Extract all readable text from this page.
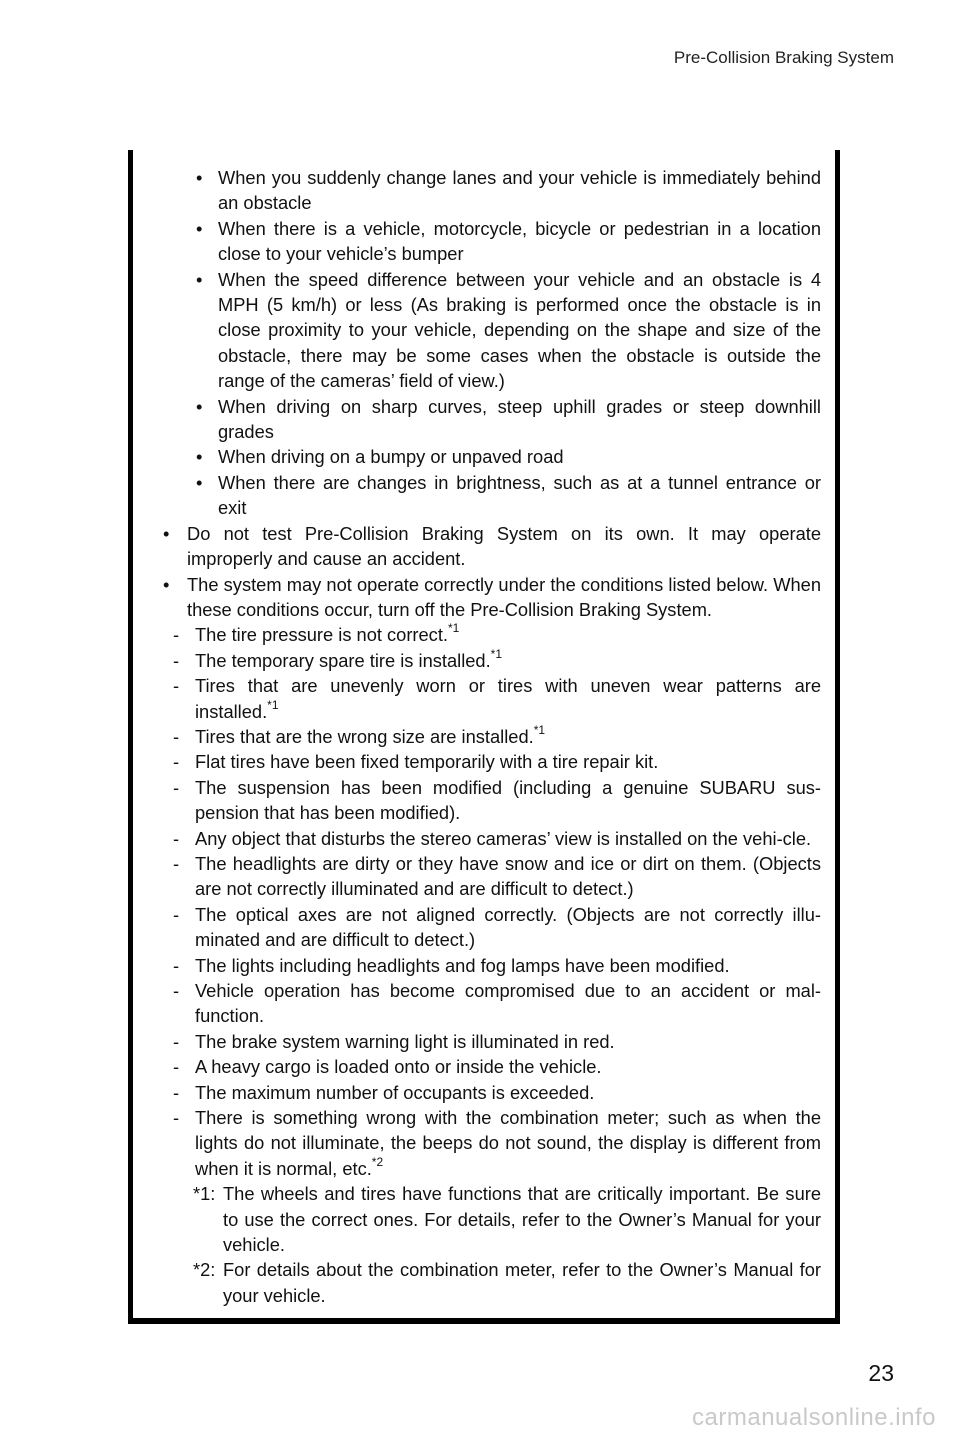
Pre-Collision Braking System
• When you suddenly change lanes and your vehicle is immediately behind an obstacle
• When there is a vehicle, motorcycle, bicycle or pedestrian in a location close to your vehicle’s bumper
• When the speed difference between your vehicle and an obstacle is 4 MPH (5 km/h) or less (As braking is performed once the obstacle is in close proximity to your vehicle, depending on the shape and size of the obstacle, there may be some cases when the obstacle is outside the range of the cameras’ field of view.)
• When driving on sharp curves, steep uphill grades or steep downhill grades
• When driving on a bumpy or unpaved road
• When there are changes in brightness, such as at a tunnel entrance or exit
• Do not test Pre-Collision Braking System on its own. It may operate improperly and cause an accident.
• The system may not operate correctly under the conditions listed below. When these conditions occur, turn off the Pre-Collision Braking System.
- The tire pressure is not correct.$^{*1}$
- The temporary spare tire is installed.$^{*1}$
- Tires that are unevenly worn or tires with uneven wear patterns are installed.$^{*1}$
- Tires that are the wrong size are installed.$^{*1}$
- Flat tires have been fixed temporarily with a tire repair kit.
- The suspension has been modified (including a genuine SUBARU sus-pension that has been modified).
- Any object that disturbs the stereo cameras’ view is installed on the vehi-cle.
- The headlights are dirty or they have snow and ice or dirt on them. (Objects are not correctly illuminated and are difficult to detect.)
- The optical axes are not aligned correctly. (Objects are not correctly illu-minated and are difficult to detect.)
- The lights including headlights and fog lamps have been modified.
- Vehicle operation has become compromised due to an accident or mal-function.
- The brake system warning light is illuminated in red.
- A heavy cargo is loaded onto or inside the vehicle.
- The maximum number of occupants is exceeded.
- There is something wrong with the combination meter; such as when the lights do not illuminate, the beeps do not sound, the display is different from when it is normal, etc.$^{*2}$
*1: The wheels and tires have functions that are critically important. Be sure to use the correct ones. For details, refer to the Owner’s Manual for your vehicle.
*2: For details about the combination meter, refer to the Owner’s Manual for your vehicle.
23
carmanualsonline.info
